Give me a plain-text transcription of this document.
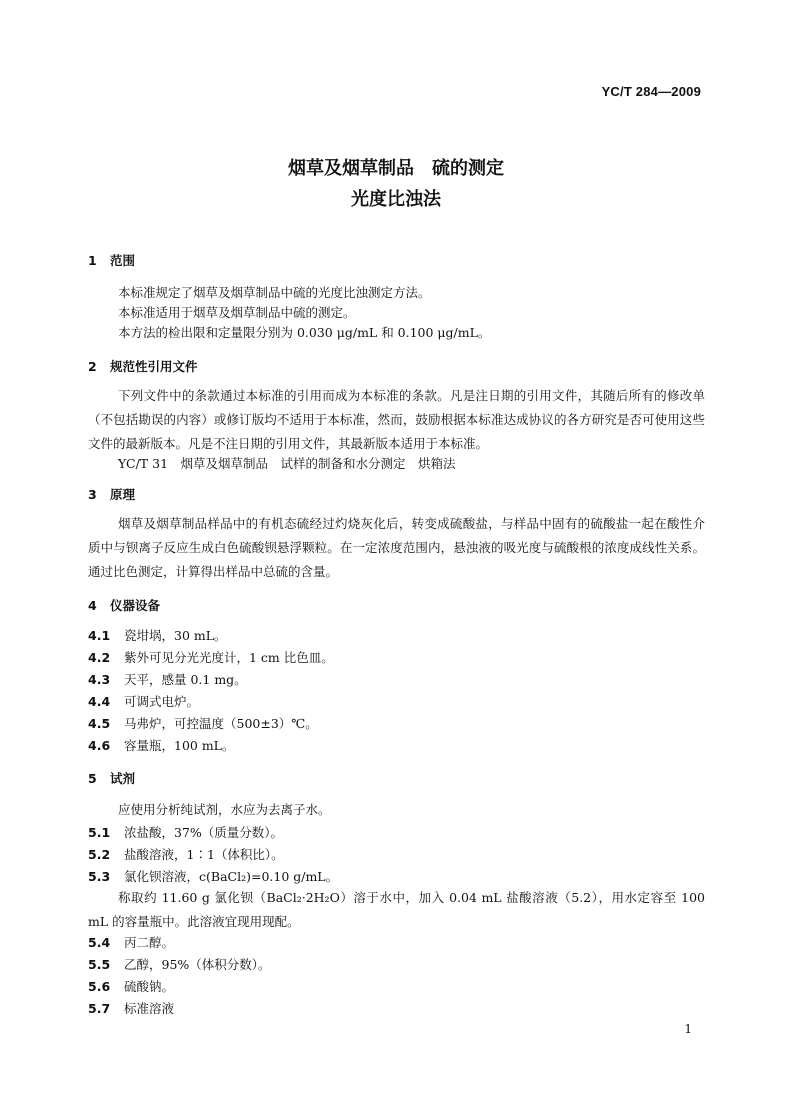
YC/T 284—2009
烟草及烟草制品　硫的测定
光度比浊法
1 范围
本标准规定了烟草及烟草制品中硫的光度比浊测定方法。
本标准适用于烟草及烟草制品中硫的测定。
本方法的检出限和定量限分别为 0.030 μg/mL 和 0.100 μg/mL。
2 规范性引用文件
下列文件中的条款通过本标准的引用而成为本标准的条款。凡是注日期的引用文件，其随后所有的修改单（不包括勘误的内容）或修订版均不适用于本标准，然而，鼓励根据本标准达成协议的各方研究是否可使用这些文件的最新版本。凡是不注日期的引用文件，其最新版本适用于本标准。
YC/T 31　烟草及烟草制品　试样的制备和水分测定　烘箱法
3 原理
烟草及烟草制品样品中的有机态硫经过灼烧灰化后，转变成硫酸盐，与样品中固有的硫酸盐一起在酸性介质中与钡离子反应生成白色硫酸钡悬浮颗粒。在一定浓度范围内，悬浊液的吸光度与硫酸根的浓度成线性关系。通过比色测定，计算得出样品中总硫的含量。
4 仪器设备
4.1 瓷坩埚，30 mL。
4.2 紫外可见分光光度计，1 cm 比色皿。
4.3 天平，感量 0.1 mg。
4.4 可调式电炉。
4.5 马弗炉，可控温度（500±3）℃。
4.6 容量瓶，100 mL。
5 试剂
应使用分析纯试剂，水应为去离子水。
5.1 浓盐酸，37%（质量分数）。
5.2 盐酸溶液，1∶1（体积比）。
5.3 氯化钡溶液，c(BaCl₂)=0.10 g/mL。
称取约 11.60 g 氯化钡（BaCl₂·2H₂O）溶于水中，加入 0.04 mL 盐酸溶液（5.2），用水定容至 100 mL 的容量瓶中。此溶液宜现用现配。
5.4 丙二醇。
5.5 乙醇，95%（体积分数）。
5.6 硫酸钠。
5.7 标准溶液
1
